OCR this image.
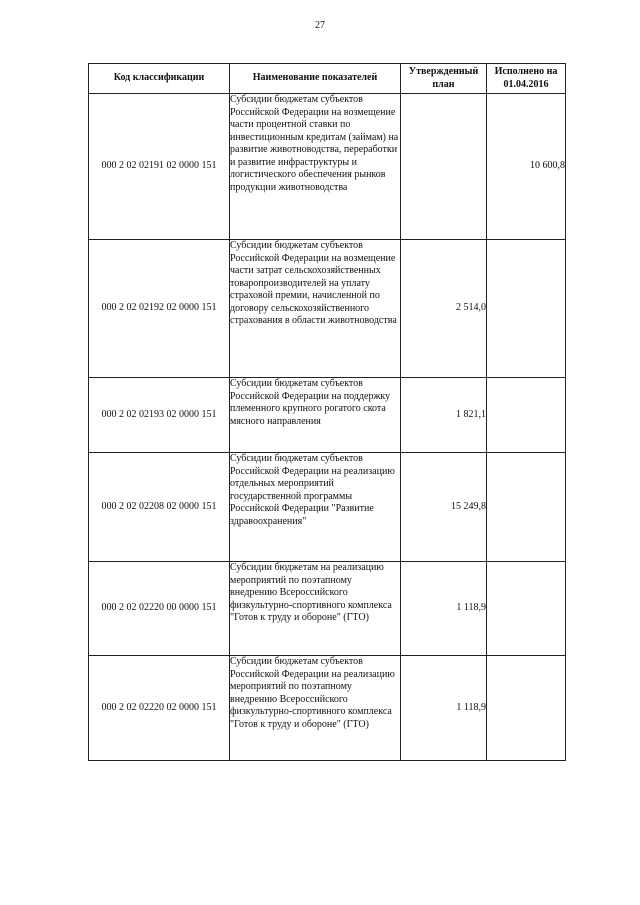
27
Код классификации	Наименование показателей	Утвержденный план	Исполнено на 01.04.2016
000 2 02 02191 02 0000 151	Субсидии бюджетам субъектов Российской Федерации на возмещение части процентной ставки по инвестиционным кредитам (займам) на развитие животноводства, переработки и развитие инфраструктуры и логистического обеспечения рынков продукции животноводства		10 600,8
000 2 02 02192 02 0000 151	Субсидии бюджетам субъектов Российской Федерации на возмещение части затрат сельскохозяйственных товаропроизводителей на уплату страховой премии, начисленной по договору сельскохозяйственного страхования в области животноводства	2 514,0	
000 2 02 02193 02 0000 151	Субсидии бюджетам субъектов Российской Федерации на поддержку племенного крупного рогатого скота мясного направления	1 821,1	
000 2 02 02208 02 0000 151	Субсидии бюджетам субъектов Российской Федерации на реализацию отдельных мероприятий государственной программы Российской Федерации "Развитие здравоохранения"	15 249,8	
000 2 02 02220 00 0000 151	Субсидии бюджетам на реализацию мероприятий по поэтапному внедрению Всероссийского физкультурно-спортивного комплекса "Готов к труду и обороне" (ГТО)	1 118,9	
000 2 02 02220 02 0000 151	Субсидии бюджетам субъектов Российской Федерации на реализацию мероприятий по поэтапному внедрению Всероссийского физкультурно-спортивного комплекса "Готов к труду и обороне" (ГТО)	1 118,9	
